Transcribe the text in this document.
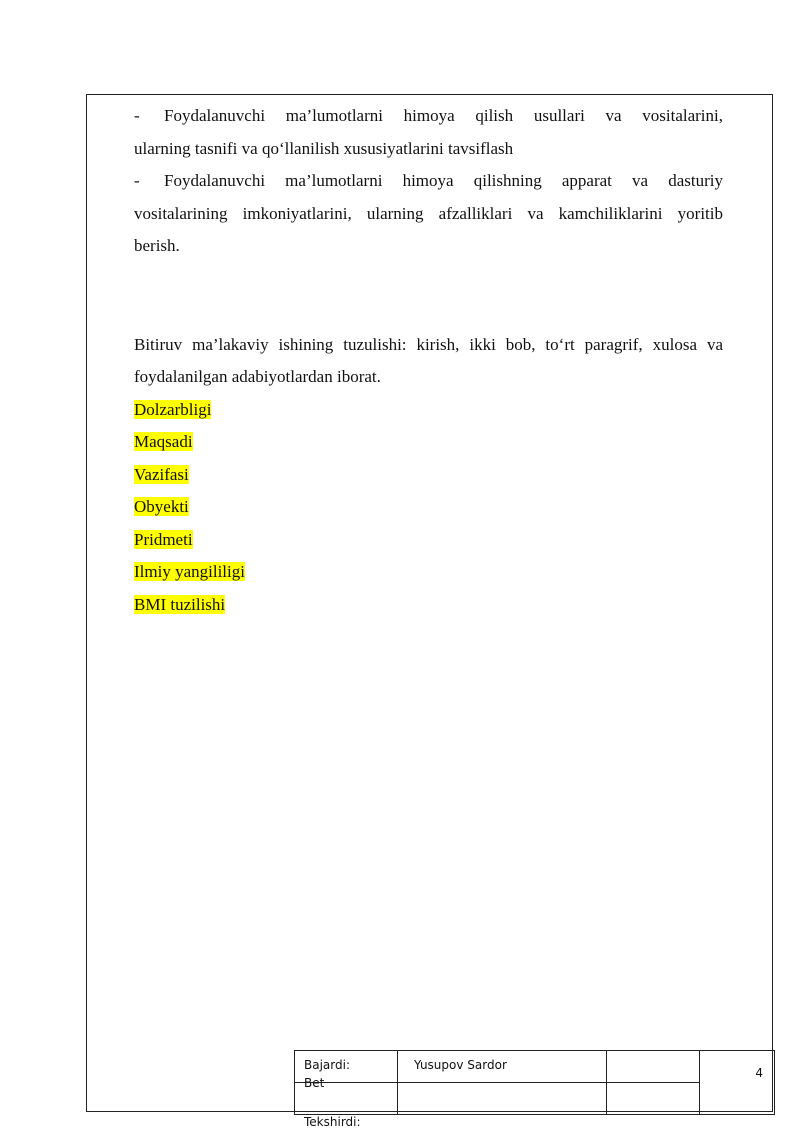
- Foydalanuvchi ma’lumotlarni himoya qilish usullari va vositalarini,

ularning tasnifi va qo‘llanilish xususiyatlarini tavsiflash

- Foydalanuvchi ma’lumotlarni himoya qilishning apparat va dasturiy

vositalarining imkoniyatlarini, ularning afzalliklari va kamchiliklarini yoritib

berish.

Bitiruv ma’lakaviy ishining tuzulishi: kirish, ikki bob, to‘rt paragrif, xulosa va

foydalanilgan adabiyotlardan iborat.

Dolzarbligi

Maqsadi

Vazifasi

Obyekti

Pridmeti

Ilmiy yangililigi

BMI tuzilishi

Bajardi:	Yusupov Sardor		4

Bet
Tekshirdi:
